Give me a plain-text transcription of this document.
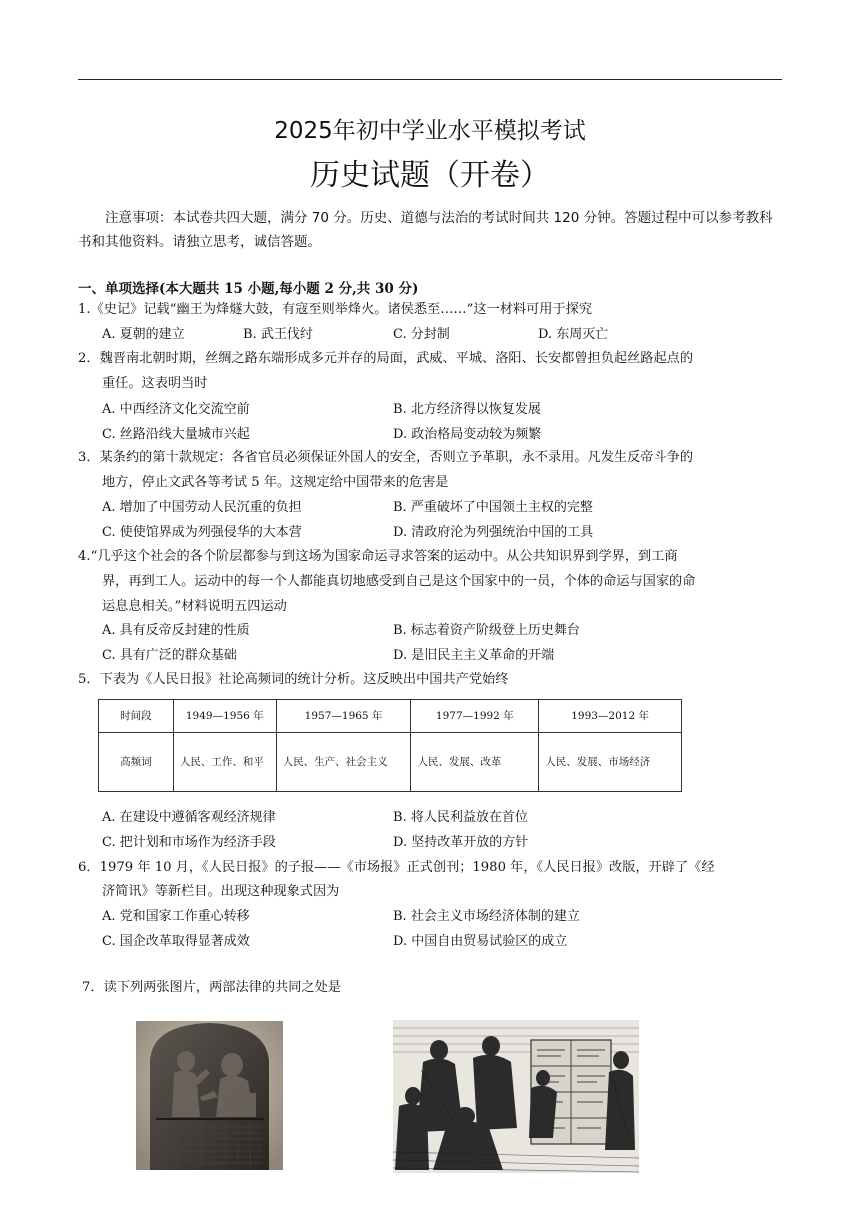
2025年初中学业水平模拟考试
历史试题（开卷）
注意事项：本试卷共四大题，满分 70 分。历史、道德与法治的考试时间共 120 分钟。答题过程中可以参考教科书和其他资料。请独立思考，诚信答题。
一、单项选择(本大题共 15 小题,每小题 2 分,共 30 分)
1.《史记》记载“幽王为烽燧大鼓，有寇至则举烽火。诸侯悉至……”这一材料可用于探究
A. 夏朝的建立	B. 武王伐纣	C. 分封制	D. 东周灭亡
2．魏晋南北朝时期，丝绸之路东端形成多元并存的局面，武威、平城、洛阳、长安都曾担负起丝路起点的
重任。这表明当时
A. 中西经济文化交流空前	B. 北方经济得以恢复发展
C. 丝路沿线大量城市兴起	D. 政治格局变动较为频繁
3．某条约的第十款规定：各省官员必须保证外国人的安全，否则立予革职，永不录用。凡发生反帝斗争的
地方，停止文武各等考试 5 年。这规定给中国带来的危害是
A. 增加了中国劳动人民沉重的负担	B. 严重破坏了中国领土主权的完整
C. 使使馆界成为列强侵华的大本营	D. 清政府沦为列强统治中国的工具
4.“几乎这个社会的各个阶层都参与到这场为国家命运寻求答案的运动中。从公共知识界到学界，到工商
界，再到工人。运动中的每一个人都能真切地感受到自己是这个国家中的一员，个体的命运与国家的命
运息息相关。”材料说明五四运动
A. 具有反帝反封建的性质	B. 标志着资产阶级登上历史舞台
C. 具有广泛的群众基础	D. 是旧民主主义革命的开端
5．下表为《人民日报》社论高频词的统计分析。这反映出中国共产党始终
时间段	1949—1956 年	1957—1965 年	1977—1992 年	1993—2012 年
高频词	人民、工作、和平	人民、生产、社会主义	人民、发展、改革	人民、发展、市场经济
A. 在建设中遵循客观经济规律	B. 将人民利益放在首位
C. 把计划和市场作为经济手段	D. 坚持改革开放的方针
6．1979 年 10 月，《人民日报》的子报——《市场报》正式创刊；1980 年，《人民日报》改版，开辟了《经
济简讯》等新栏目。出现这种现象式因为
A. 党和国家工作重心转移	B. 社会主义市场经济体制的建立
C. 国企改革取得显著成效	D. 中国自由贸易试验区的成立
7．读下列两张图片，两部法律的共同之处是
